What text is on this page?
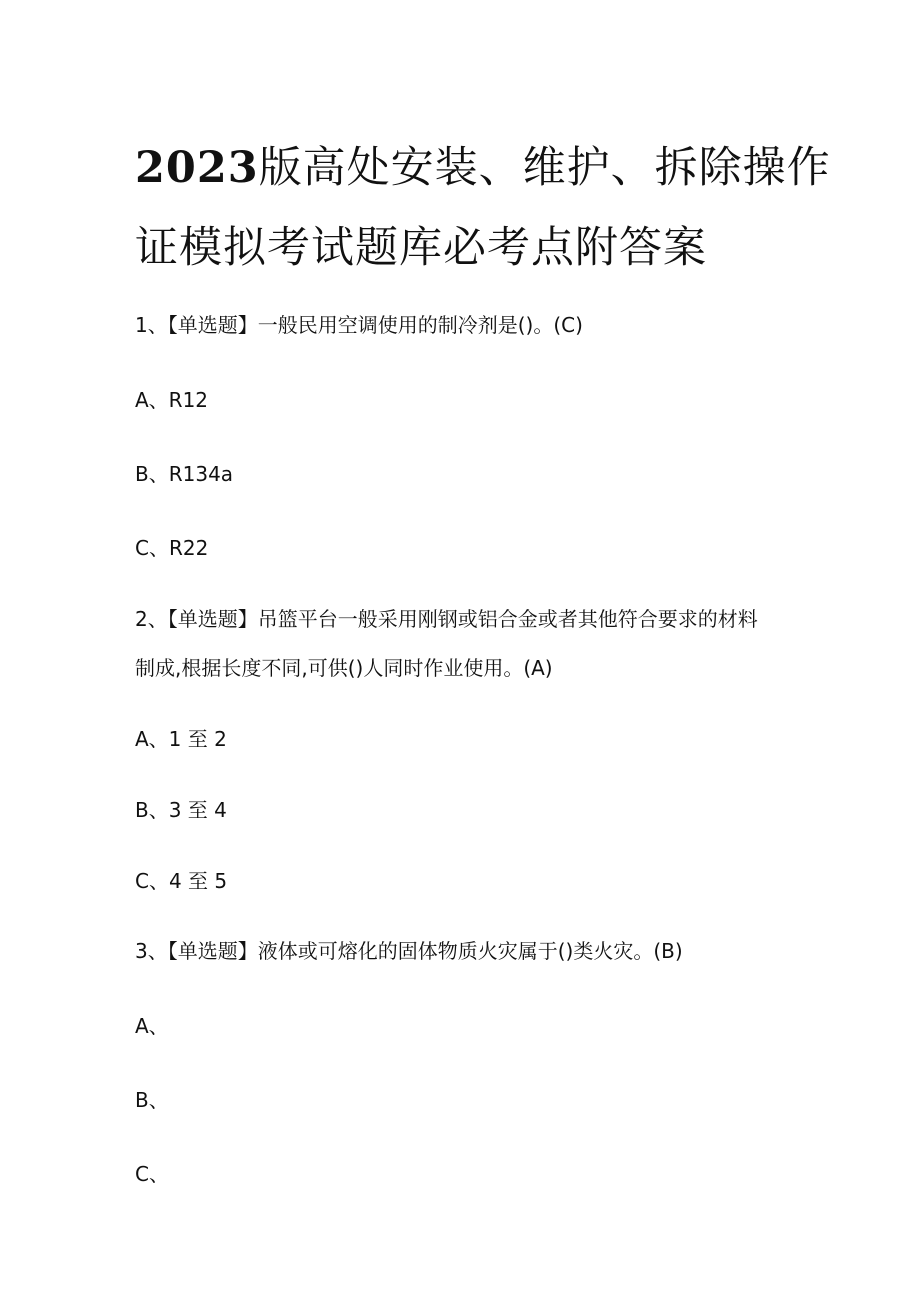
2023版高处安装、维护、拆除操作
证模拟考试题库必考点附答案
1、【单选题】一般民用空调使用的制冷剂是()。(C)
A、R12
B、R134a
C、R22
2、【单选题】吊篮平台一般采用刚钢或铝合金或者其他符合要求的材料
制成,根据长度不同,可供()人同时作业使用。(A)
A、1 至 2
B、3 至 4
C、4 至 5
3、【单选题】液体或可熔化的固体物质火灾属于()类火灾。(B)
A、
B、
C、
